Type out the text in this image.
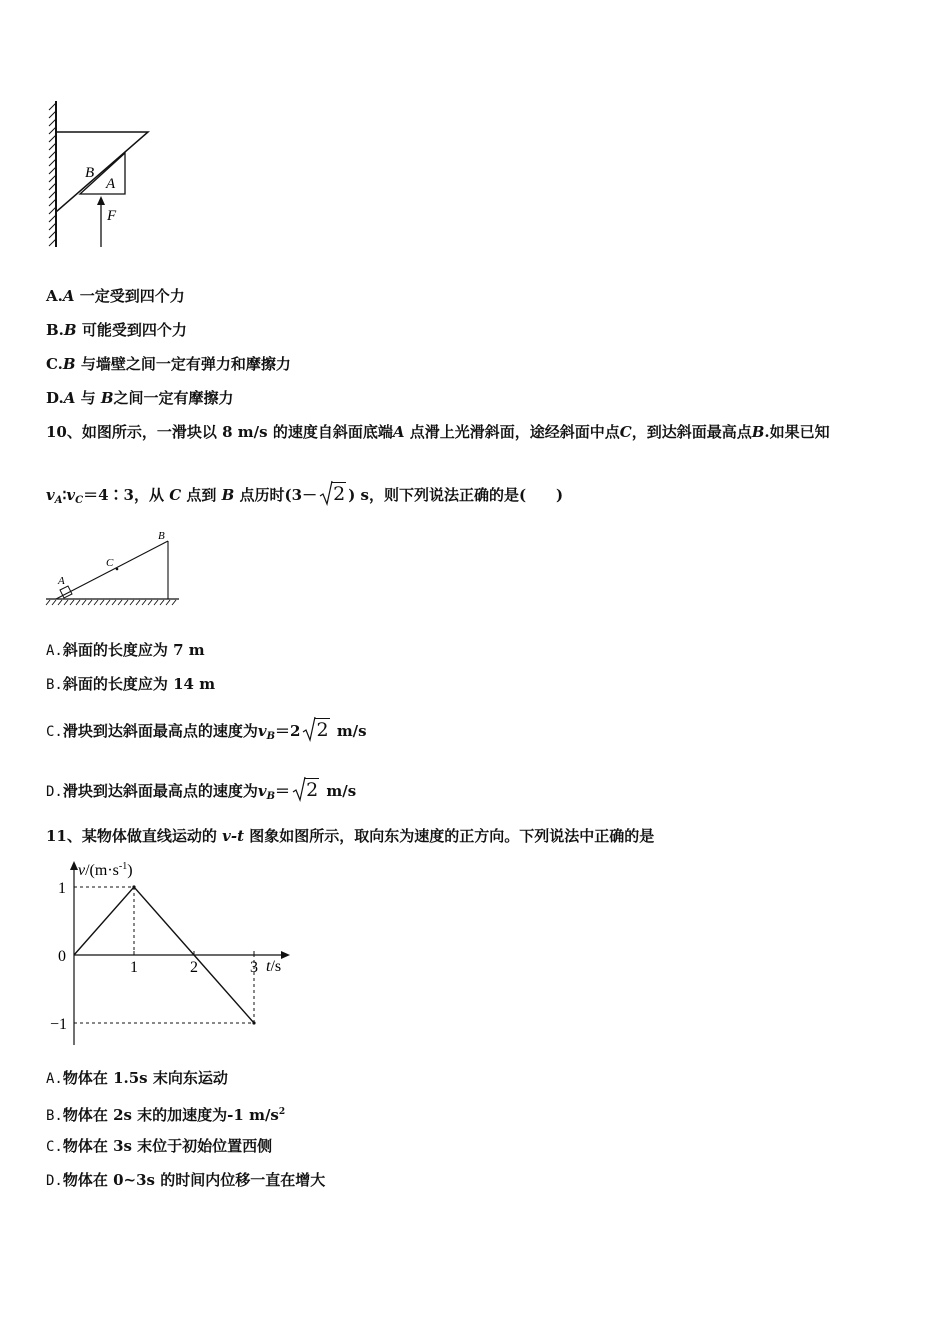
B
A
F
A.A 一定受到四个力
B.B 可能受到四个力
C.B 与墙壁之间一定有弹力和摩擦力
D.A 与 B之间一定有摩擦力
10、如图所示，一滑块以 8 m/s 的速度自斜面底端A 点滑上光滑斜面，途经斜面中点C，到达斜面最高点B.如果已知
$v_A∶v_C=4∶3$，从 C 点到 B 点历时(3－ 2 ) s，则下列说法正确的是(　　)
B
C
A
A.斜面的长度应为 7 m
B.斜面的长度应为 14 m
C.滑块到达斜面最高点的速度为$v_B=2$ 2 m/s
D.滑块到达斜面最高点的速度为$v_B= 2$ m/s
11、某物体做直线运动的 v-t 图象如图所示，取向东为速度的正方向。下列说法中正确的是
$v/(m\cdot s^{-1})$
t/s
1	2	3
1
0
−1
A.物体在 1.5s 末向东运动
B.物体在 2s 末的加速度为-1 $m/s^2$
C.物体在 3s 末位于初始位置西侧
D.物体在 0~3s 的时间内位移一直在增大
